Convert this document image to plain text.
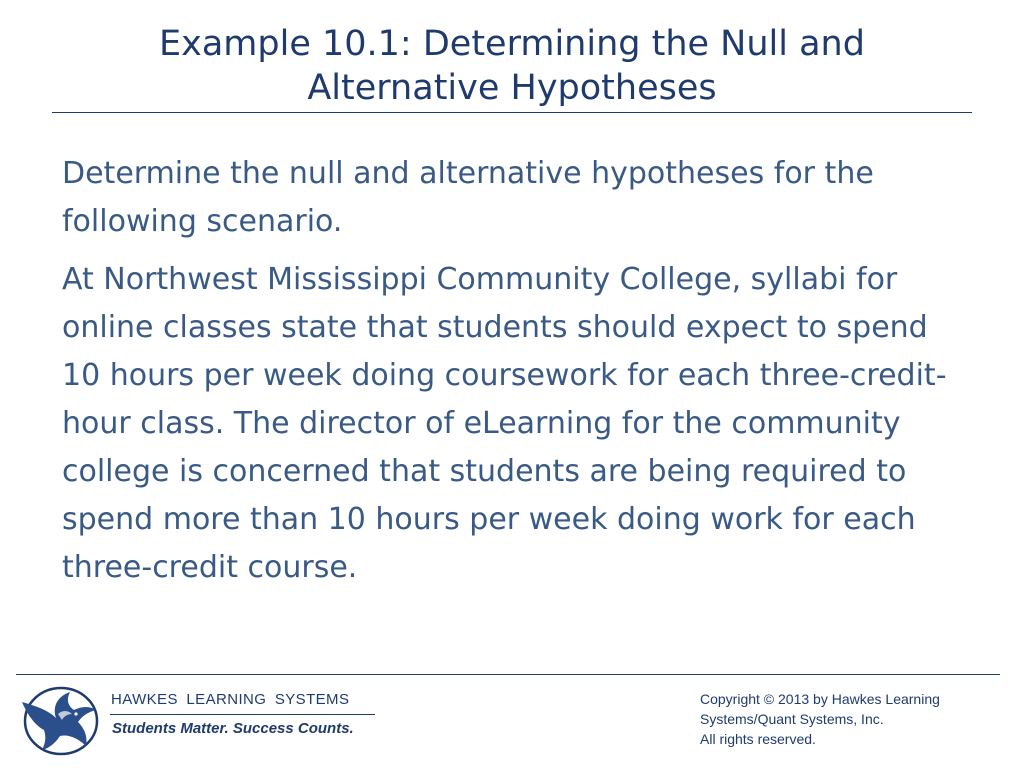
Example 10.1: Determining the Null and
Alternative Hypotheses

Determine the null and alternative hypotheses for the following scenario.

At Northwest Mississippi Community College, syllabi for online classes state that students should expect to spend 10 hours per week doing coursework for each three-credit-hour class. The director of eLearning for the community college is concerned that students are being required to spend more than 10 hours per week doing work for each three-credit course.

HAWKES LEARNING SYSTEMS
Students Matter. Success Counts.
Copyright © 2013 by Hawkes Learning
Systems/Quant Systems, Inc.
All rights reserved.
